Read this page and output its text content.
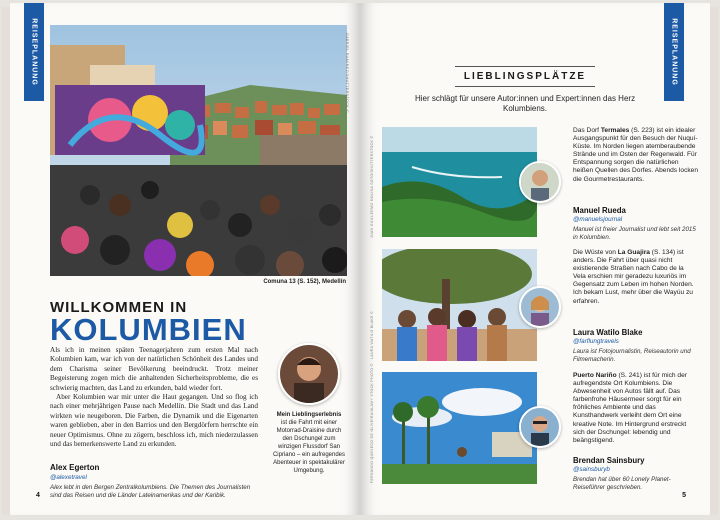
REISEPLANUNG	GABRIEL RAMIREZ/SHUTTERSTOCK ©
Comuna 13 (S. 152), Medellín
WILLKOMMEN IN
KOLUMBIEN

Als ich in meinen späten Teenagerjahren zum ersten Mal nach Kolumbien kam, war ich von der natürlichen Schönheit des Landes und dem Charisma seiner Bevölkerung beeindruckt. Trotz meiner Begeisterung zogen mich die anhaltenden Sicherheitsprobleme, die es schwierig machten, das Land zu erkunden, bald wieder fort.

Aber Kolumbien war mir unter die Haut gegangen. Und so flog ich nach einer mehrjährigen Pause nach Medellín. Die Stadt und das Land wirkten wie neugeboren. Die Farben, die Dynamik und die Eigenarten waren geblieben, aber in den Barrios und den Bergdörfern herrschte ein neuer Optimismus. Ohne zu zögern, beschloss ich, mich niederzulassen und das bemerkenswerte Land zu erkunden.

Mein Lieblingserlebnis
ist die Fahrt mit einer Motorrad-Draisine durch den Dschungel zum winzigen Flussdorf San Cipriano – ein aufregendes Abenteuer in spektakulärer Umgebung.
Alex Egerton
@alexetravel
Alex lebt in den Bergen Zentralkolumbiens. Die Themen des Journalisten sind das Reisen und die Länder Lateinamerikas und der Karibik.
4
REISEPLANUNG
LIEBLINGSPLÄTZE
Hier schlägt für unsere Autor:innen und Expert:innen das Herz Kolumbiens.
JUAN GUILLERMO MOLINA SOTO/SHUTTERSTOCK ©
Das Dorf Termales (S. 223) ist ein idealer Ausgangspunkt für den Besuch der Nuquí-Küste. Im Norden liegen atemberaubende Strände und im Osten der Regenwald. Für Entspannung sorgen die natürlichen heißen Quellen des Dorfes. Abends locken die Gourmetrestaurants.
Manuel Rueda
@manuelsjournal
Manuel ist freier Journalist und lebt seit 2015 in Kolumbien.
LAURA WATILO BLAKE ©
Die Wüste von La Guajira (S. 134) ist anders. Die Fahrt über quasi nicht existierende Straßen nach Cabo de la Vela erschien mir geradezu luxuriös im Gegensatz zum Leben im hohen Norden. Ich bekam Lust, mehr über die Wayúu zu erfahren.
Laura Watilo Blake
@farflungtravels
Laura ist Fotojournalistin, Reiseautorin und Filmemacherin.
FERNANDO QUEVEDO DE OLIVEIRA/ALAMY STOCK PHOTO ©	Puerto Nariño (S. 241) ist für mich der aufregendste Ort Kolumbiens. Die Abwesenheit von Autos fällt auf. Das farbenfrohe Häusermeer sorgt für ein fröhliches Ambiente und das Kunsthandwerk verleiht dem Ort eine kreative Note. Im Hintergrund erstreckt sich der Dschungel: lebendig und beängstigend.
Brendan Sainsbury
@sainsburyb
Brendan hat über 60 Lonely Planet-Reiseführer geschrieben.
5
